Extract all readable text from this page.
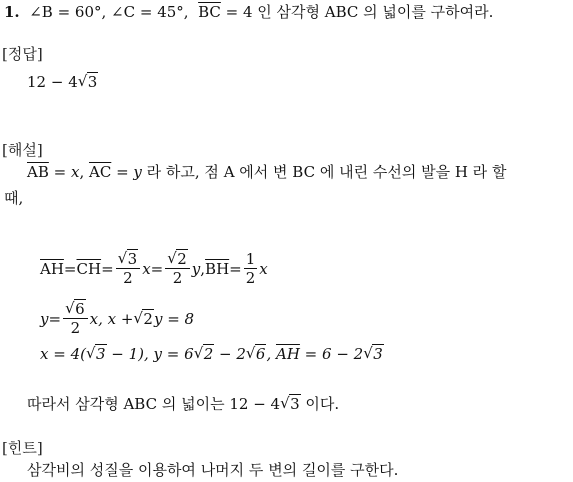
1. ∠B = 60°, ∠C = 45°, $\overline{BC} = 4$ 인 삼각형 ABC 의 넓이를 구하여라.
[정답]
12 − 4 √ 3
[해설]
$\overline{AB} = x$, $\overline{AC} = y$ 라 하고, 점 A 에서 변 BC 에 내린 수선의 발을 H 라 할
때,
$\overline{AH} = \overline{CH}$ = √ $\frac{3}{2}$ x = √ $\frac{2}{2}$ y , $\overline{BH} = \frac{1}{2}$ x
y = √ $\frac{6}{2}$ x , x + √ 2 y = 8
x = 4( √ 3 − 1), y = 6 √ 2 − 2 √ 6, $\overline{AH} = 6 - 2$ √ 3
따라서 삼각형 ABC 의 넓이는 12 − 4 √ 3 이다.
[힌트]
삼각비의 성질을 이용하여 나머지 두 변의 길이를 구한다.
